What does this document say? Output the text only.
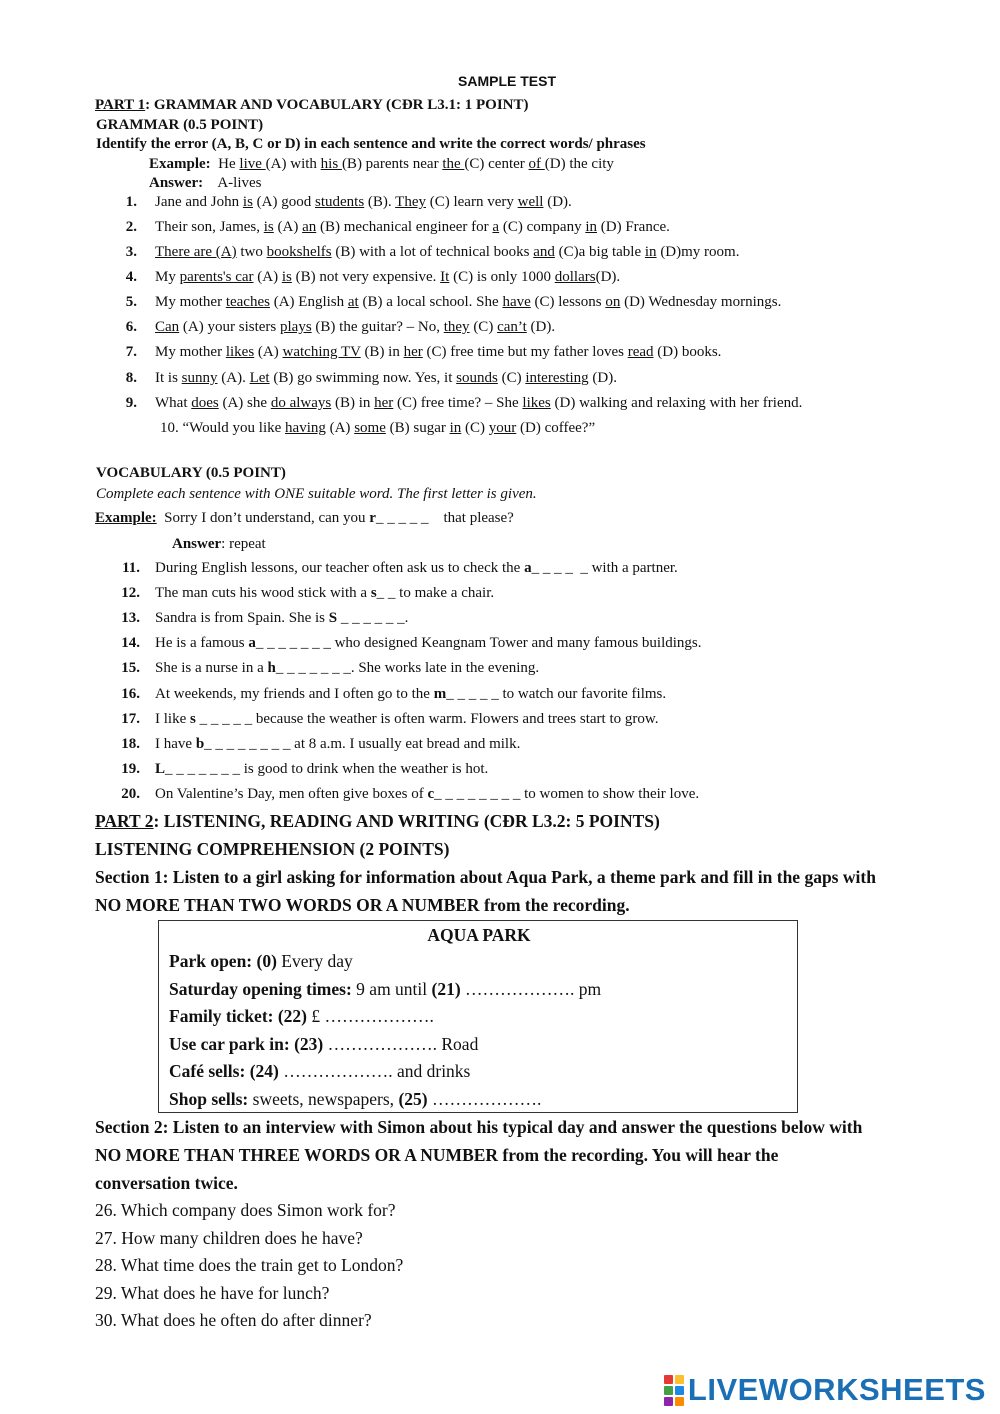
SAMPLE TEST
PART 1: GRAMMAR AND VOCABULARY (CĐR L3.1: 1 POINT)
GRAMMAR (0.5 POINT)
Identify the error (A, B, C or D) in each sentence and write the correct words/ phrases
Example: He live (A) with his (B) parents near the (C) center of (D) the city
Answer: A-lives
1. Jane and John is (A) good students (B). They (C) learn very well (D).
2. Their son, James, is (A) an (B) mechanical engineer for a (C) company in (D) France.
3. There are (A) two bookshelfs (B) with a lot of technical books and (C)a big table in (D)my room.
4. My parents's car (A) is (B) not very expensive. It (C) is only 1000 dollars(D).
5. My mother teaches (A) English at (B) a local school. She have (C) lessons on (D) Wednesday mornings.
6. Can (A) your sisters plays (B) the guitar? – No, they (C) can’t (D).
7. My mother likes (A) watching TV (B) in her (C) free time but my father loves read (D) books.
8. It is sunny (A). Let (B) go swimming now. Yes, it sounds (C) interesting (D).
9. What does (A) she do always (B) in her (C) free time? – She likes (D) walking and relaxing with her friend.
10. “Would you like having (A) some (B) sugar in (C) your (D) coffee?”
VOCABULARY (0.5 POINT)
Complete each sentence with ONE suitable word. The first letter is given.
Example: Sorry I don’t understand, can you r_ _ _ _ _    that please?
Answer: repeat
11. During English lessons, our teacher often ask us to check the a_ _ _ _  _ with a partner.
12. The man cuts his wood stick with a s_ _ to make a chair.
13. Sandra is from Spain. She is S _ _ _ _ _ _.
14. He is a famous a_ _ _ _ _ _ _ who designed Keangnam Tower and many famous buildings.
15. She is a nurse in a h_ _ _ _ _ _ _. She works late in the evening.
16. At weekends, my friends and I often go to the m_ _ _ _ _ to watch our favorite films.
17. I like s _ _ _ _ _ because the weather is often warm. Flowers and trees start to grow.
18. I have b_ _ _ _ _ _ _ _ at 8 a.m. I usually eat bread and milk.
19. L_ _ _ _ _ _ _ is good to drink when the weather is hot.
20. On Valentine’s Day, men often give boxes of c_ _ _ _ _ _ _ _ to women to show their love.
PART 2: LISTENING, READING AND WRITING (CĐR L3.2: 5 POINTS)
LISTENING COMPREHENSION (2 POINTS)
Section 1: Listen to a girl asking for information about Aqua Park, a theme park and fill in the gaps with
NO MORE THAN TWO WORDS OR A NUMBER from the recording.
AQUA PARK
Park open: (0) Every day
Saturday opening times: 9 am until (21) ………………. pm
Family ticket: (22) £ ……………….
Use car park in: (23) ………………. Road
Café sells: (24) ………………. and drinks
Shop sells: sweets, newspapers, (25) ……………….
Section 2: Listen to an interview with Simon about his typical day and answer the questions below with
NO MORE THAN THREE WORDS OR A NUMBER from the recording. You will hear the
conversation twice.
26. Which company does Simon work for?
27. How many children does he have?
28. What time does the train get to London?
29. What does he have for lunch?
30. What does he often do after dinner?
LIVEWORKSHEETS
